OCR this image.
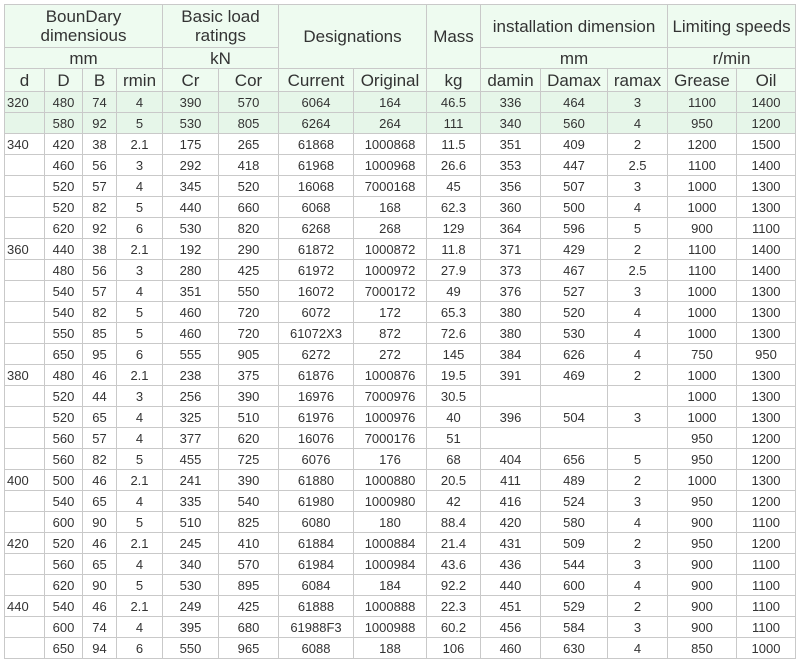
BounDary dimensious				Basic load ratings		Designations		Mass	installation dimension			Limiting speeds	
mm				kN					mm			r/min	
d	D	B	rmin	Cr	Cor	Current	Original	kg	damin	Damax	ramax	Grease	Oil
320	480	74	4	390	570	6064	164	46.5	336	464	3	1100	1400
	580	92	5	530	805	6264	264	111	340	560	4	950	1200
340	420	38	2.1	175	265	61868	1000868	11.5	351	409	2	1200	1500
	460	56	3	292	418	61968	1000968	26.6	353	447	2.5	1100	1400
	520	57	4	345	520	16068	7000168	45	356	507	3	1000	1300
	520	82	5	440	660	6068	168	62.3	360	500	4	1000	1300
	620	92	6	530	820	6268	268	129	364	596	5	900	1100
360	440	38	2.1	192	290	61872	1000872	11.8	371	429	2	1100	1400
	480	56	3	280	425	61972	1000972	27.9	373	467	2.5	1100	1400
	540	57	4	351	550	16072	7000172	49	376	527	3	1000	1300
	540	82	5	460	720	6072	172	65.3	380	520	4	1000	1300
	550	85	5	460	720	61072X3	872	72.6	380	530	4	1000	1300
	650	95	6	555	905	6272	272	145	384	626	4	750	950
380	480	46	2.1	238	375	61876	1000876	19.5	391	469	2	1000	1300
	520	44	3	256	390	16976	7000976	30.5				1000	1300
	520	65	4	325	510	61976	1000976	40	396	504	3	1000	1300
	560	57	4	377	620	16076	7000176	51				950	1200
	560	82	5	455	725	6076	176	68	404	656	5	950	1200
400	500	46	2.1	241	390	61880	1000880	20.5	411	489	2	1000	1300
	540	65	4	335	540	61980	1000980	42	416	524	3	950	1200
	600	90	5	510	825	6080	180	88.4	420	580	4	900	1100
420	520	46	2.1	245	410	61884	1000884	21.4	431	509	2	950	1200
	560	65	4	340	570	61984	1000984	43.6	436	544	3	900	1100
	620	90	5	530	895	6084	184	92.2	440	600	4	900	1100
440	540	46	2.1	249	425	61888	1000888	22.3	451	529	2	900	1100
	600	74	4	395	680	61988F3	1000988	60.2	456	584	3	900	1100
	650	94	6	550	965	6088	188	106	460	630	4	850	1000
